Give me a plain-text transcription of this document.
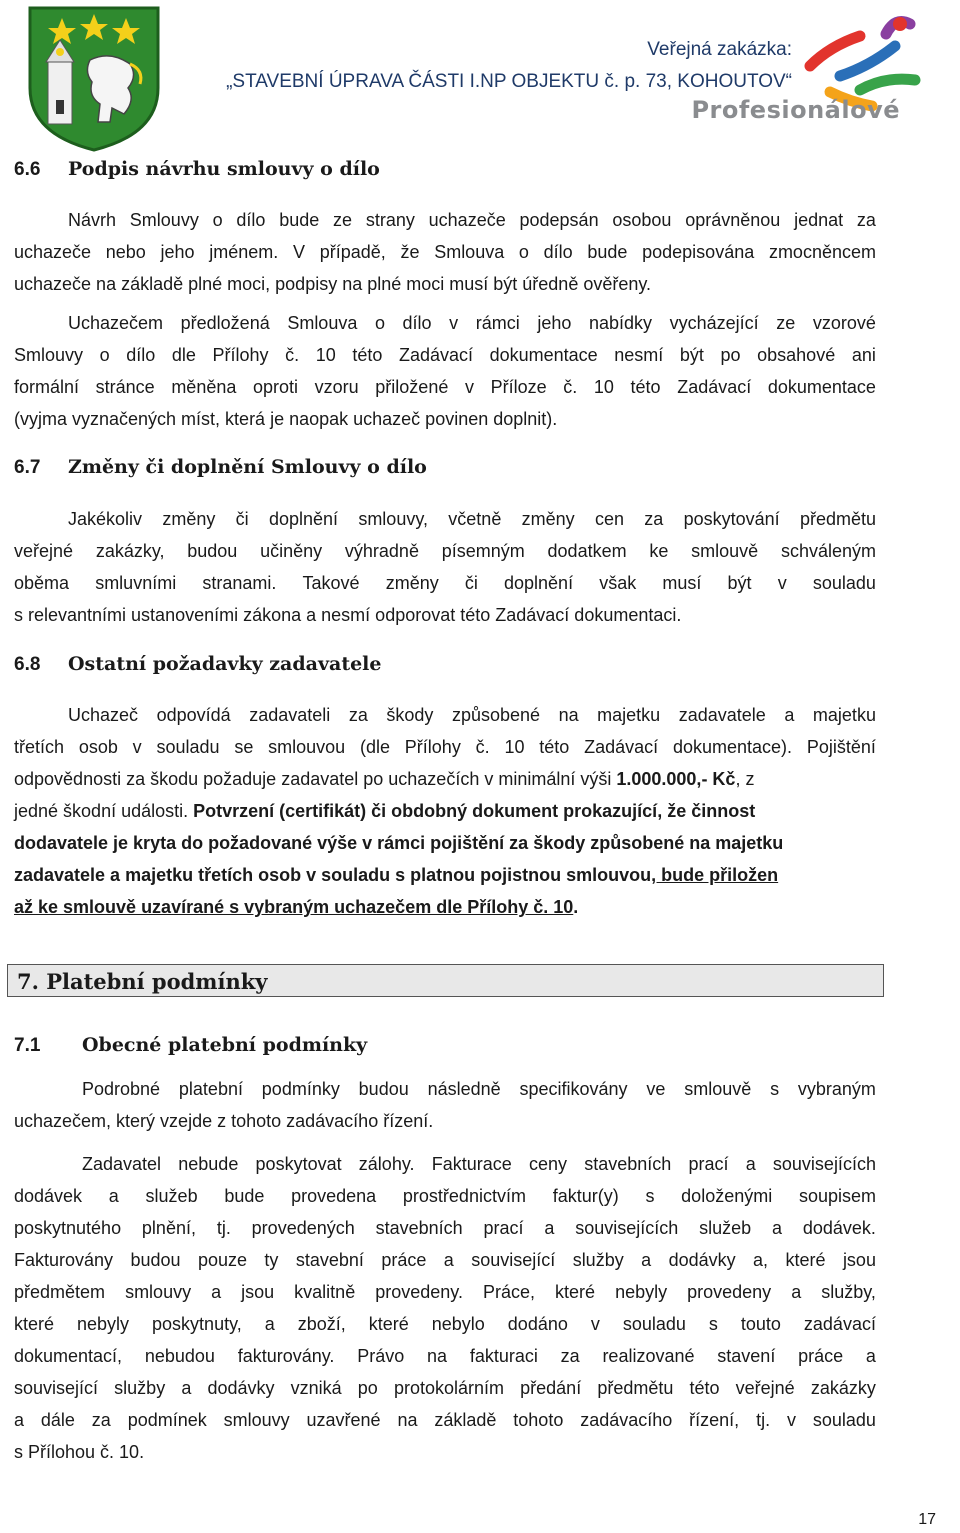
Veřejná zakázka:
„STAVEBNÍ ÚPRAVA ČÁSTI I.NP OBJEKTU č. p. 73, KOHOUTOV“
Profesionálové
6.6 Podpis návrhu smlouvy o dílo
Návrh Smlouvy o dílo bude ze strany uchazeče podepsán osobou oprávněnou jednat za
uchazeče nebo jeho jménem. V případě, že Smlouva o dílo bude podepisována zmocněncem
uchazeče na základě plné moci, podpisy na plné moci musí být úředně ověřeny.
Uchazečem předložená Smlouva o dílo v rámci jeho nabídky vycházející ze vzorové
Smlouvy o dílo dle Přílohy č. 10 této Zadávací dokumentace nesmí být po obsahové ani
formální stránce měněna oproti vzoru přiložené v Příloze č. 10 této Zadávací dokumentace
(vyjma vyznačených míst, která je naopak uchazeč povinen doplnit).
6.7 Změny či doplnění Smlouvy o dílo
Jakékoliv změny či doplnění smlouvy, včetně změny cen za poskytování předmětu
veřejné zakázky, budou učiněny výhradně písemným dodatkem ke smlouvě schváleným
oběma smluvními stranami. Takové změny či doplnění však musí být v souladu
s relevantními ustanoveními zákona a nesmí odporovat této Zadávací dokumentaci.
6.8 Ostatní požadavky zadavatele
Uchazeč odpovídá zadavateli za škody způsobené na majetku zadavatele a majetku
třetích osob v souladu se smlouvou (dle Přílohy č. 10 této Zadávací dokumentace). Pojištění
odpovědnosti za škodu požaduje zadavatel po uchazečích v minimální výši 1.000.000,- Kč, z
jedné škodní události. Potvrzení (certifikát) či obdobný dokument prokazující, že činnost
dodavatele je kryta do požadované výše v rámci pojištění za škody způsobené na majetku
zadavatele a majetku třetích osob v souladu s platnou pojistnou smlouvou, bude přiložen
až ke smlouvě uzavírané s vybraným uchazečem dle Přílohy č. 10.
7. Platební podmínky
7.1 Obecné platební podmínky
Podrobné platební podmínky budou následně specifikovány ve smlouvě s vybraným
uchazečem, který vzejde z tohoto zadávacího řízení.
Zadavatel nebude poskytovat zálohy. Fakturace ceny stavebních prací a souvisejících
dodávek a služeb bude provedena prostřednictvím faktur(y) s doloženými soupisem
poskytnutého plnění, tj. provedených stavebních prací a souvisejících služeb a dodávek.
Fakturovány budou pouze ty stavební práce a související služby a dodávky a, které jsou
předmětem smlouvy a jsou kvalitně provedeny. Práce, které nebyly provedeny a služby,
které nebyly poskytnuty, a zboží, které nebylo dodáno v souladu s touto zadávací
dokumentací, nebudou fakturovány. Právo na fakturaci za realizované stavení práce a
související služby a dodávky vzniká po protokolárním předání předmětu této veřejné zakázky
a dále za podmínek smlouvy uzavřené na základě tohoto zadávacího řízení, tj. v souladu
s Přílohou č. 10.
17
